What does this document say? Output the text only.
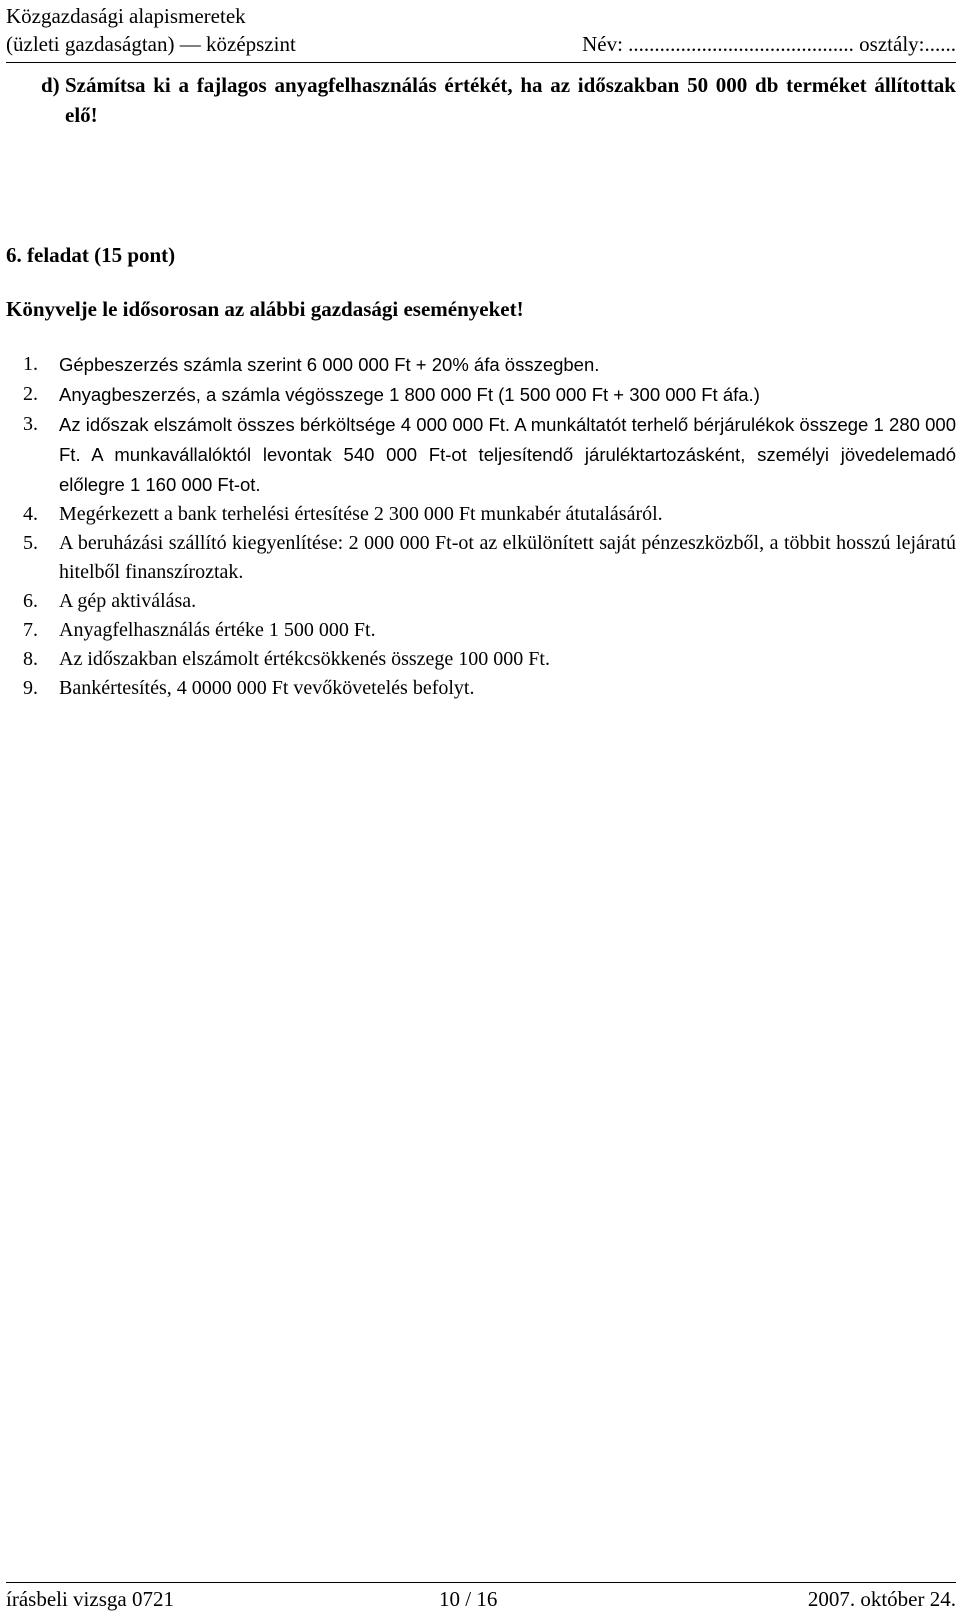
Közgazdasági alapismeretek
(üzleti gazdaságtan) — középszint	Név: ........................................... osztály:......
d) Számítsa ki a fajlagos anyagfelhasználás értékét, ha az időszakban 50 000 db terméket állítottak elő!
6. feladat (15 pont)
Könyvelje le idősorosan az alábbi gazdasági eseményeket!
1. Gépbeszerzés számla szerint 6 000 000 Ft + 20% áfa összegben.
2. Anyagbeszerzés, a számla végösszege 1 800 000 Ft (1 500 000 Ft + 300 000 Ft áfa.)
3. Az időszak elszámolt összes bérköltsége 4 000 000 Ft. A munkáltatót terhelő bérjárulékok összege 1 280 000 Ft. A munkavállalóktól levontak 540 000 Ft-ot teljesítendő járuléktartozásként, személyi jövedelemadó előlegre 1 160 000 Ft-ot.
4. Megérkezett a bank terhelési értesítése 2 300 000 Ft munkabér átutalásáról.
5. A beruházási szállító kiegyenlítése: 2 000 000 Ft-ot az elkülönített saját pénzeszközből, a többit hosszú lejáratú hitelből finanszíroztak.
6. A gép aktiválása.
7. Anyagfelhasználás értéke 1 500 000 Ft.
8. Az időszakban elszámolt értékcsökkenés összege 100 000 Ft.
9. Bankértesítés, 4 0000 000 Ft vevőkövetelés befolyt.
írásbeli vizsga 0721	10 / 16	2007. október 24.
